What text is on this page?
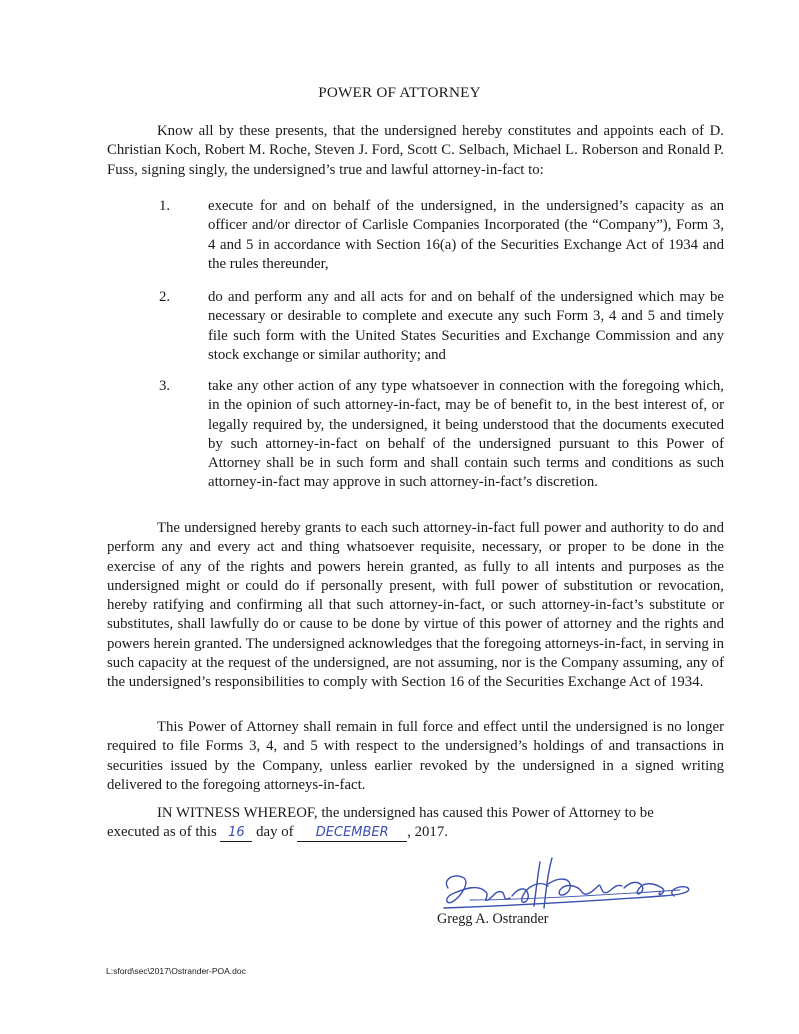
POWER OF ATTORNEY
Know all by these presents, that the undersigned hereby constitutes and appoints each of D. Christian Koch, Robert M. Roche, Steven J. Ford, Scott C. Selbach, Michael L. Roberson and Ronald P. Fuss, signing singly, the undersigned’s true and lawful attorney-in-fact to:
1.	execute for and on behalf of the undersigned, in the undersigned’s capacity as an officer and/or director of Carlisle Companies Incorporated (the “Company”), Form 3, 4 and 5 in accordance with Section 16(a) of the Securities Exchange Act of 1934 and the rules thereunder,
2.	do and perform any and all acts for and on behalf of the undersigned which may be necessary or desirable to complete and execute any such Form 3, 4 and 5 and timely file such form with the United States Securities and Exchange Commission and any stock exchange or similar authority; and
3.	take any other action of any type whatsoever in connection with the foregoing which, in the opinion of such attorney-in-fact, may be of benefit to, in the best interest of, or legally required by, the undersigned, it being understood that the documents executed by such attorney-in-fact on behalf of the undersigned pursuant to this Power of Attorney shall be in such form and shall contain such terms and conditions as such attorney-in-fact may approve in such attorney-in-fact’s discretion.
The undersigned hereby grants to each such attorney-in-fact full power and authority to do and perform any and every act and thing whatsoever requisite, necessary, or proper to be done in the exercise of any of the rights and powers herein granted, as fully to all intents and purposes as the undersigned might or could do if personally present, with full power of substitution or revocation, hereby ratifying and confirming all that such attorney-in-fact, or such attorney-in-fact’s substitute or substitutes, shall lawfully do or cause to be done by virtue of this power of attorney and the rights and powers herein granted. The undersigned acknowledges that the foregoing attorneys-in-fact, in serving in such capacity at the request of the undersigned, are not assuming, nor is the Company assuming, any of the undersigned’s responsibilities to comply with Section 16 of the Securities Exchange Act of 1934.
This Power of Attorney shall remain in full force and effect until the undersigned is no longer required to file Forms 3, 4, and 5 with respect to the undersigned’s holdings of and transactions in securities issued by the Company, unless earlier revoked by the undersigned in a signed writing delivered to the foregoing attorneys-in-fact.
IN WITNESS WHEREOF, the undersigned has caused this Power of Attorney to be
executed as of this 16 day of DECEMBER , 2017.
Gregg A. Ostrander
L:sford\sec\2017\Ostrander-POA.doc
